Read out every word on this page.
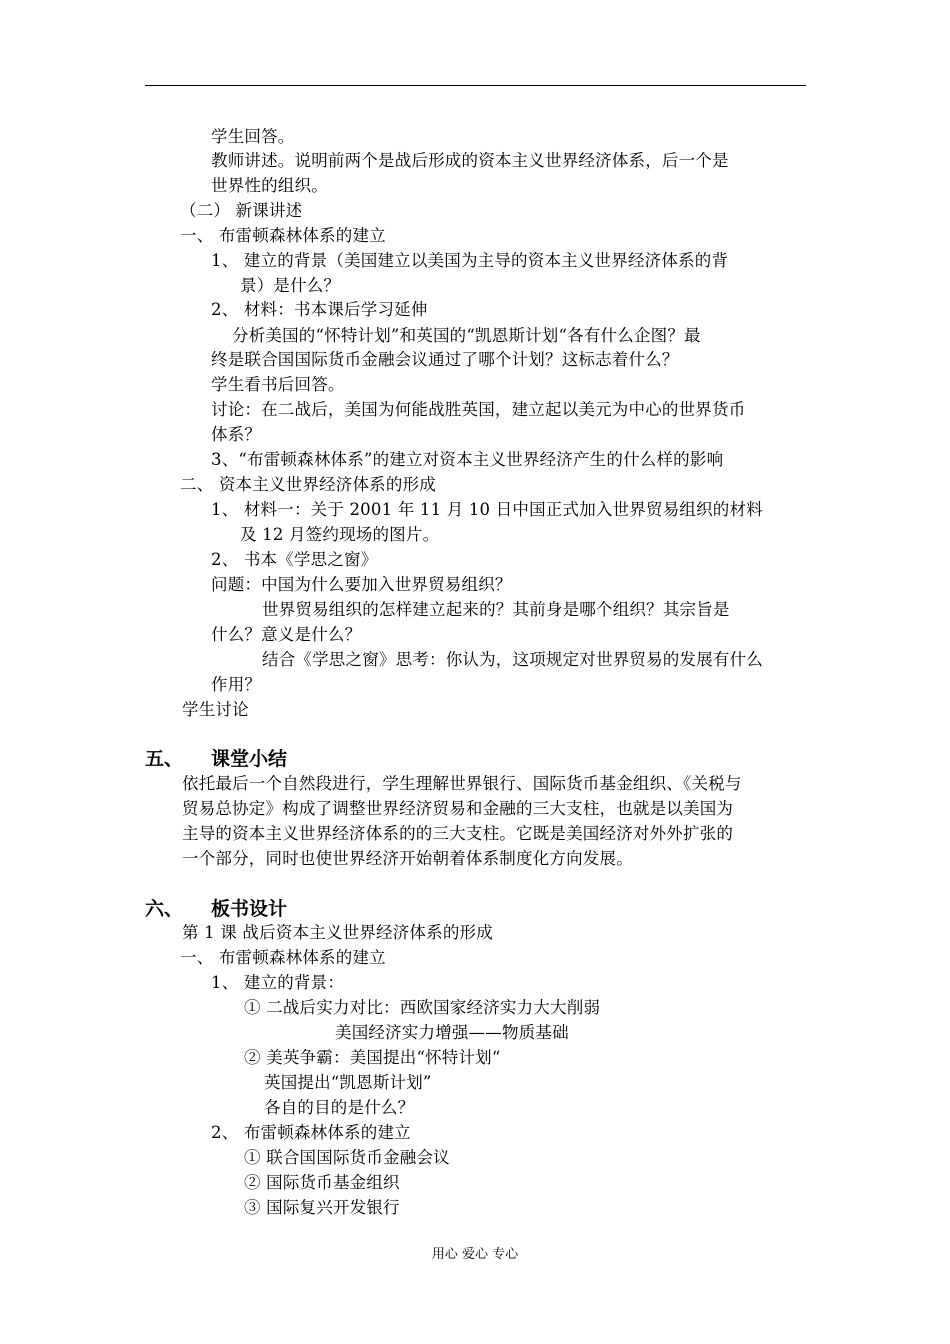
学生回答。
教师讲述。说明前两个是战后形成的资本主义世界经济体系，后一个是
世界性的组织。
（二） 新课讲述
一、 布雷顿森林体系的建立
1、 建立的背景（美国建立以美国为主导的资本主义世界经济体系的背
景）是什么？
2、 材料：书本课后学习延伸
分析美国的“怀特计划”和英国的“凯恩斯计划“各有什么企图？最
终是联合国国际货币金融会议通过了哪个计划？这标志着什么？
学生看书后回答。
讨论：在二战后，美国为何能战胜英国，建立起以美元为中心的世界货币
体系？
3、“布雷顿森林体系”的建立对资本主义世界经济产生的什么样的影响
二、 资本主义世界经济体系的形成
1、 材料一：关于 2001 年 11 月 10 日中国正式加入世界贸易组织的材料
及 12 月签约现场的图片。
2、 书本《学思之窗》
问题：中国为什么要加入世界贸易组织？
世界贸易组织的怎样建立起来的？其前身是哪个组织？其宗旨是
什么？意义是什么？
结合《学思之窗》思考：你认为，这项规定对世界贸易的发展有什么
作用？
学生讨论
五、 课堂小结
依托最后一个自然段进行，学生理解世界银行、国际货币基金组织、《关税与
贸易总协定》构成了调整世界经济贸易和金融的三大支柱，也就是以美国为
主导的资本主义世界经济体系的的三大支柱。它既是美国经济对外外扩张的
一个部分，同时也使世界经济开始朝着体系制度化方向发展。
六、 板书设计
第 1 课 战后资本主义世界经济体系的形成
一、 布雷顿森林体系的建立
1、 建立的背景：
① 二战后实力对比：西欧国家经济实力大大削弱
美国经济实力增强——物质基础
② 美英争霸：美国提出“怀特计划“
英国提出“凯恩斯计划”
各自的目的是什么？
2、 布雷顿森林体系的建立
① 联合国国际货币金融会议
② 国际货币基金组织
③ 国际复兴开发银行
用心 爱心 专心
